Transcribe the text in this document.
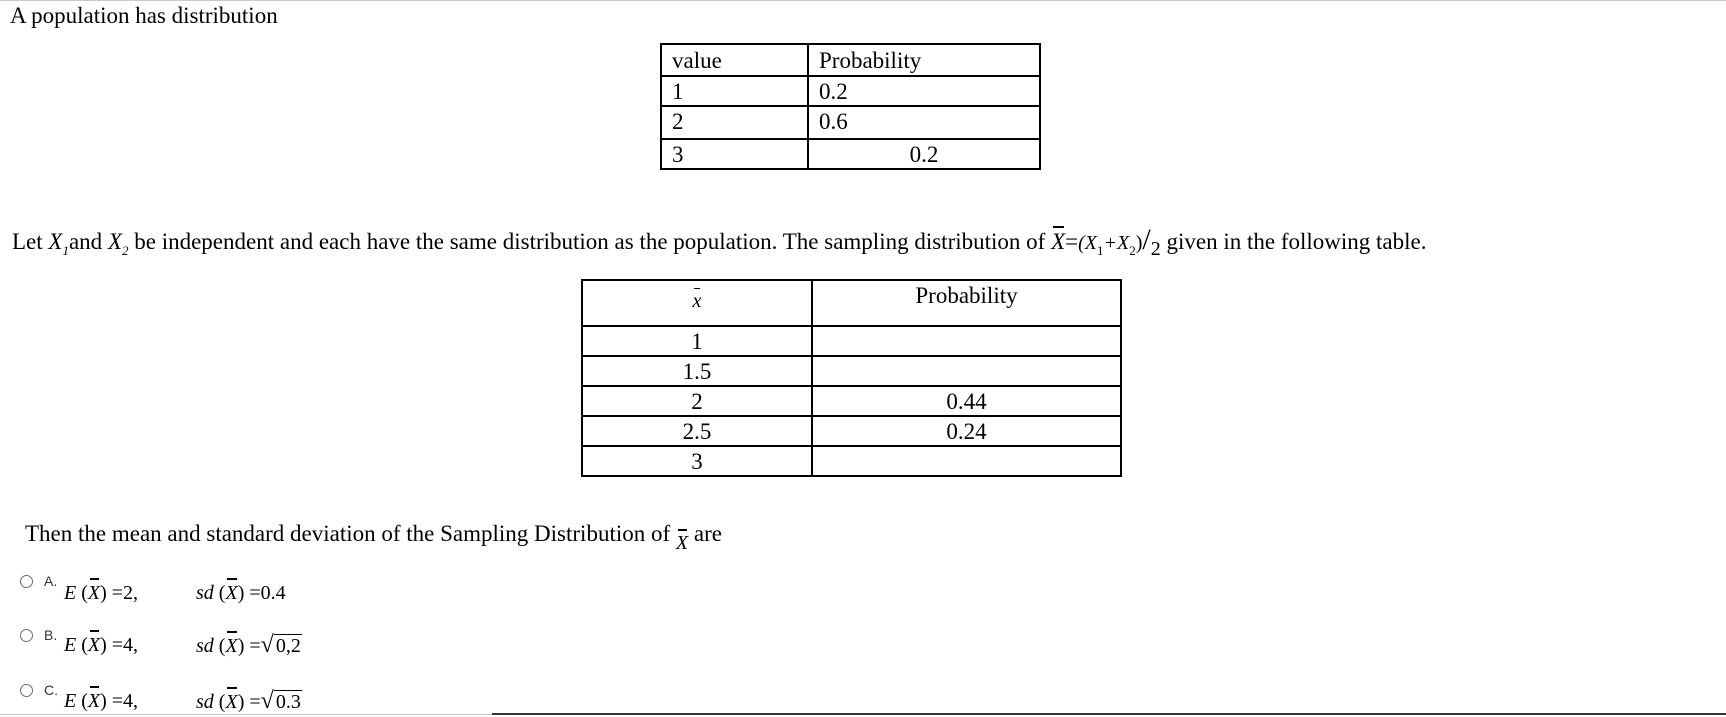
A population has distribution
value	Probability
1	0.2
2	0.6
3	0.2
Let $X_1and$ $X_2$ be independent and each have the same distribution as the population. The sampling distribution of $X=(X_1+X_2)/_2$ given in the following table.
x	Probability
1	
1.5	
2	0.44
2.5	0.24
3	
Then the mean and standard deviation of the Sampling Distribution of X are
A.
E (X) =2,	sd (X) =0.4
B. E (X) =4,	sd (X) =√ 0,2
C. E (X) =4,	sd (X) =√ 0.3
